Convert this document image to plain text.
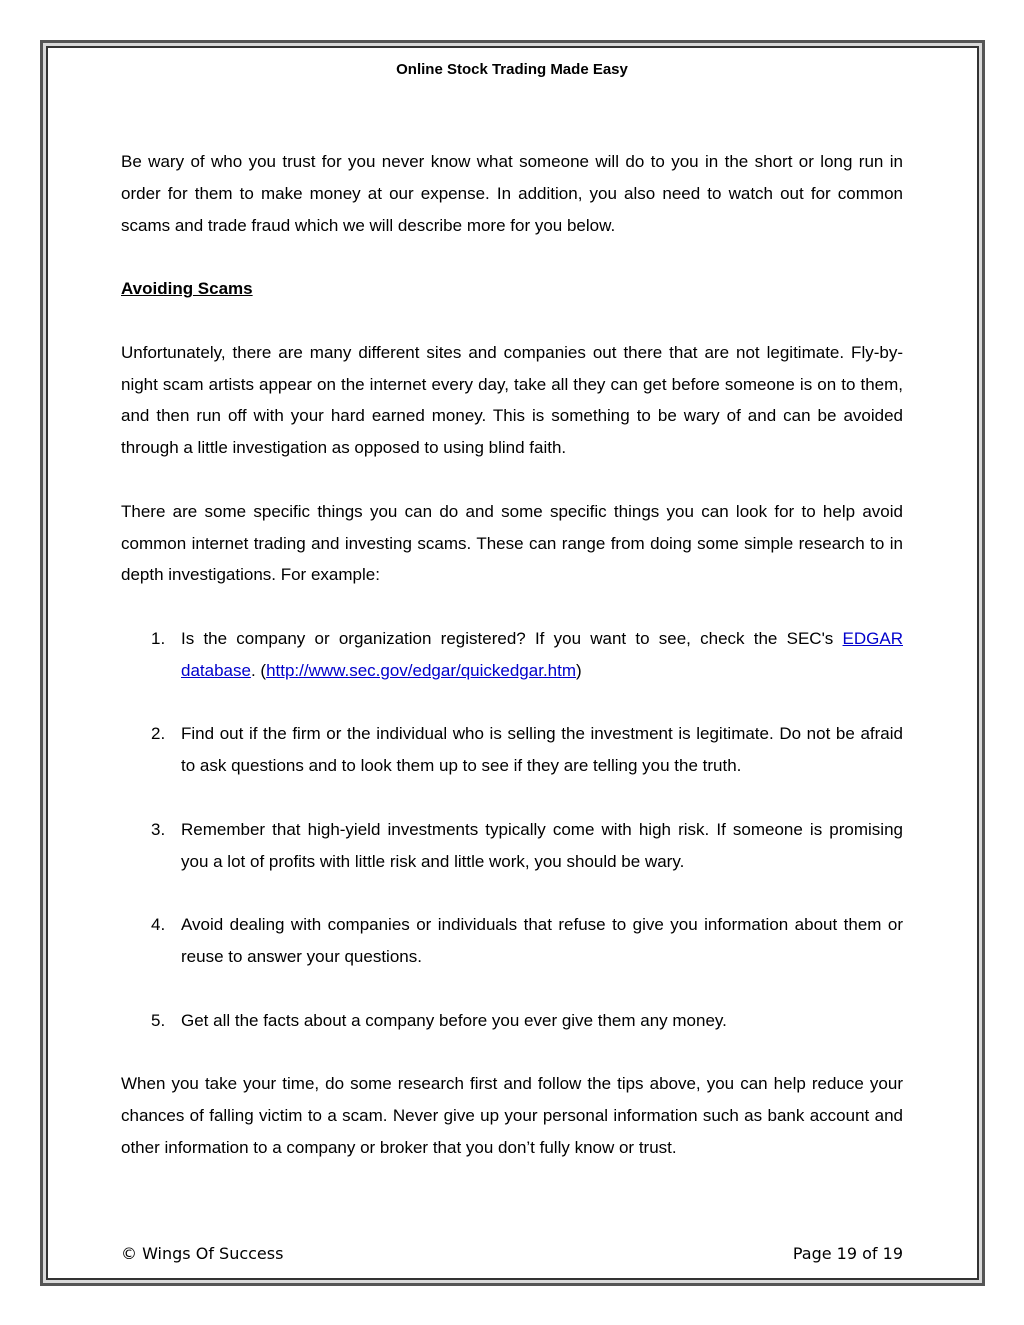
Online Stock Trading Made Easy

Be wary of who you trust for you never know what someone will do to you in the short or long run in order for them to make money at our expense. In addition, you also need to watch out for common scams and trade fraud which we will describe more for you below.

Avoiding Scams

Unfortunately, there are many different sites and companies out there that are not legitimate. Fly-by-night scam artists appear on the internet every day, take all they can get before someone is on to them, and then run off with your hard earned money. This is something to be wary of and can be avoided through a little investigation as opposed to using blind faith.

There are some specific things you can do and some specific things you can look for to help avoid common internet trading and investing scams. These can range from doing some simple research to in depth investigations. For example:

1. Is the company or organization registered? If you want to see, check the SEC's EDGAR database. (http://www.sec.gov/edgar/quickedgar.htm)
2. Find out if the firm or the individual who is selling the investment is legitimate. Do not be afraid to ask questions and to look them up to see if they are telling you the truth.
3. Remember that high-yield investments typically come with high risk. If someone is promising you a lot of profits with little risk and little work, you should be wary.
4. Avoid dealing with companies or individuals that refuse to give you information about them or reuse to answer your questions.
5. Get all the facts about a company before you ever give them any money.

When you take your time, do some research first and follow the tips above, you can help reduce your chances of falling victim to a scam. Never give up your personal information such as bank account and other information to a company or broker that you don’t fully know or trust.

© Wings Of Success	Page 19 of 19
